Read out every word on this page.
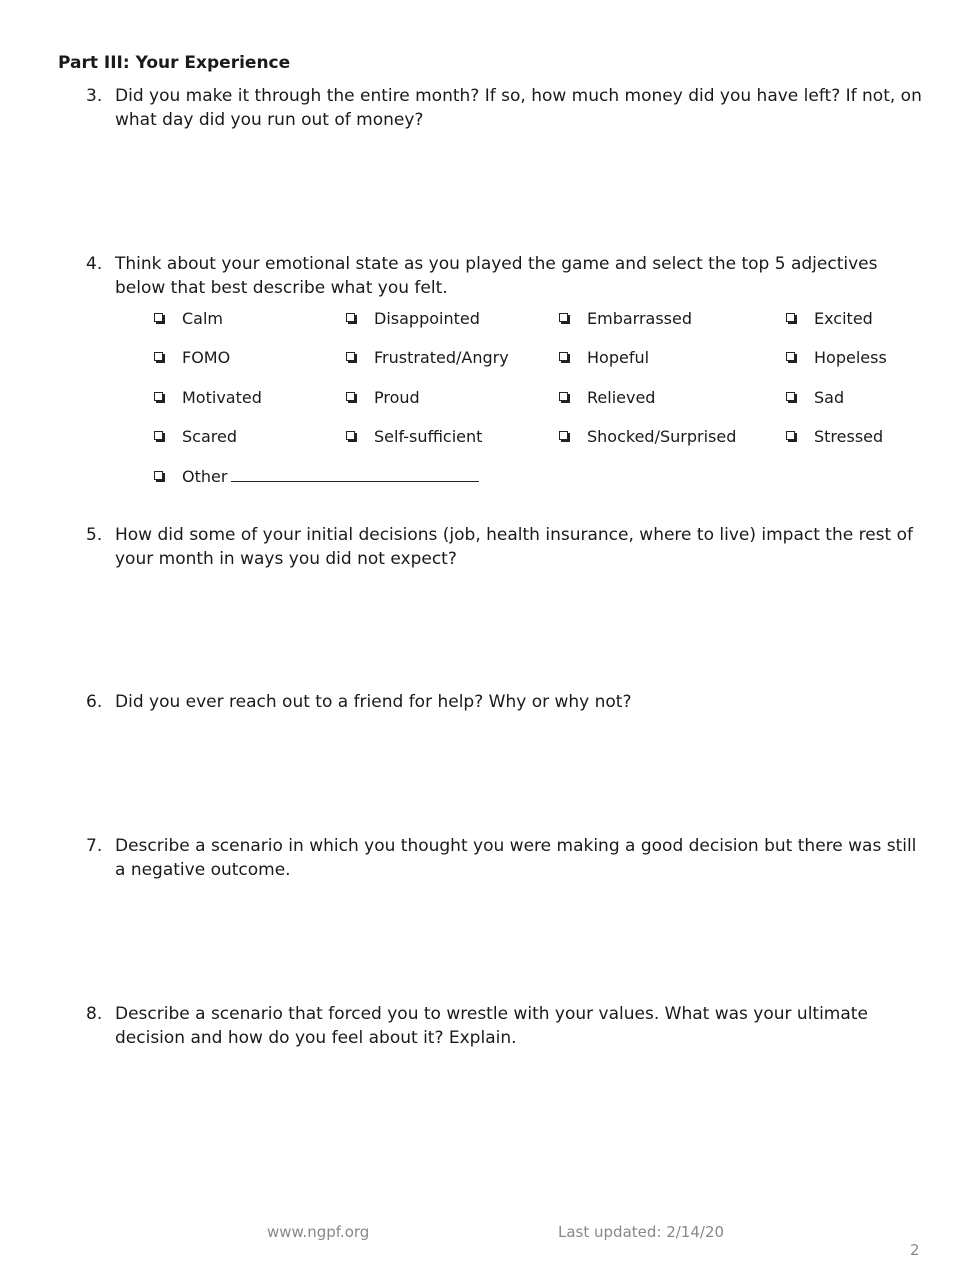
Part III: Your Experience
3. Did you make it through the entire month? If so, how much money did you have left? If not, on what day did you run out of money?
4. Think about your emotional state as you played the game and select the top 5 adjectives below that best describe what you felt.
Calm	Disappointed	Embarrassed	Excited
FOMO	Frustrated/Angry	Hopeful	Hopeless
Motivated	Proud	Relieved	Sad
Scared	Self-sufficient	Shocked/Surprised	Stressed
Other
5. How did some of your initial decisions (job, health insurance, where to live) impact the rest of your month in ways you did not expect?
6. Did you ever reach out to a friend for help? Why or why not?
7. Describe a scenario in which you thought you were making a good decision but there was still a negative outcome.
8. Describe a scenario that forced you to wrestle with your values. What was your ultimate decision and how do you feel about it? Explain.
www.ngpf.org	Last updated: 2/14/20
2
